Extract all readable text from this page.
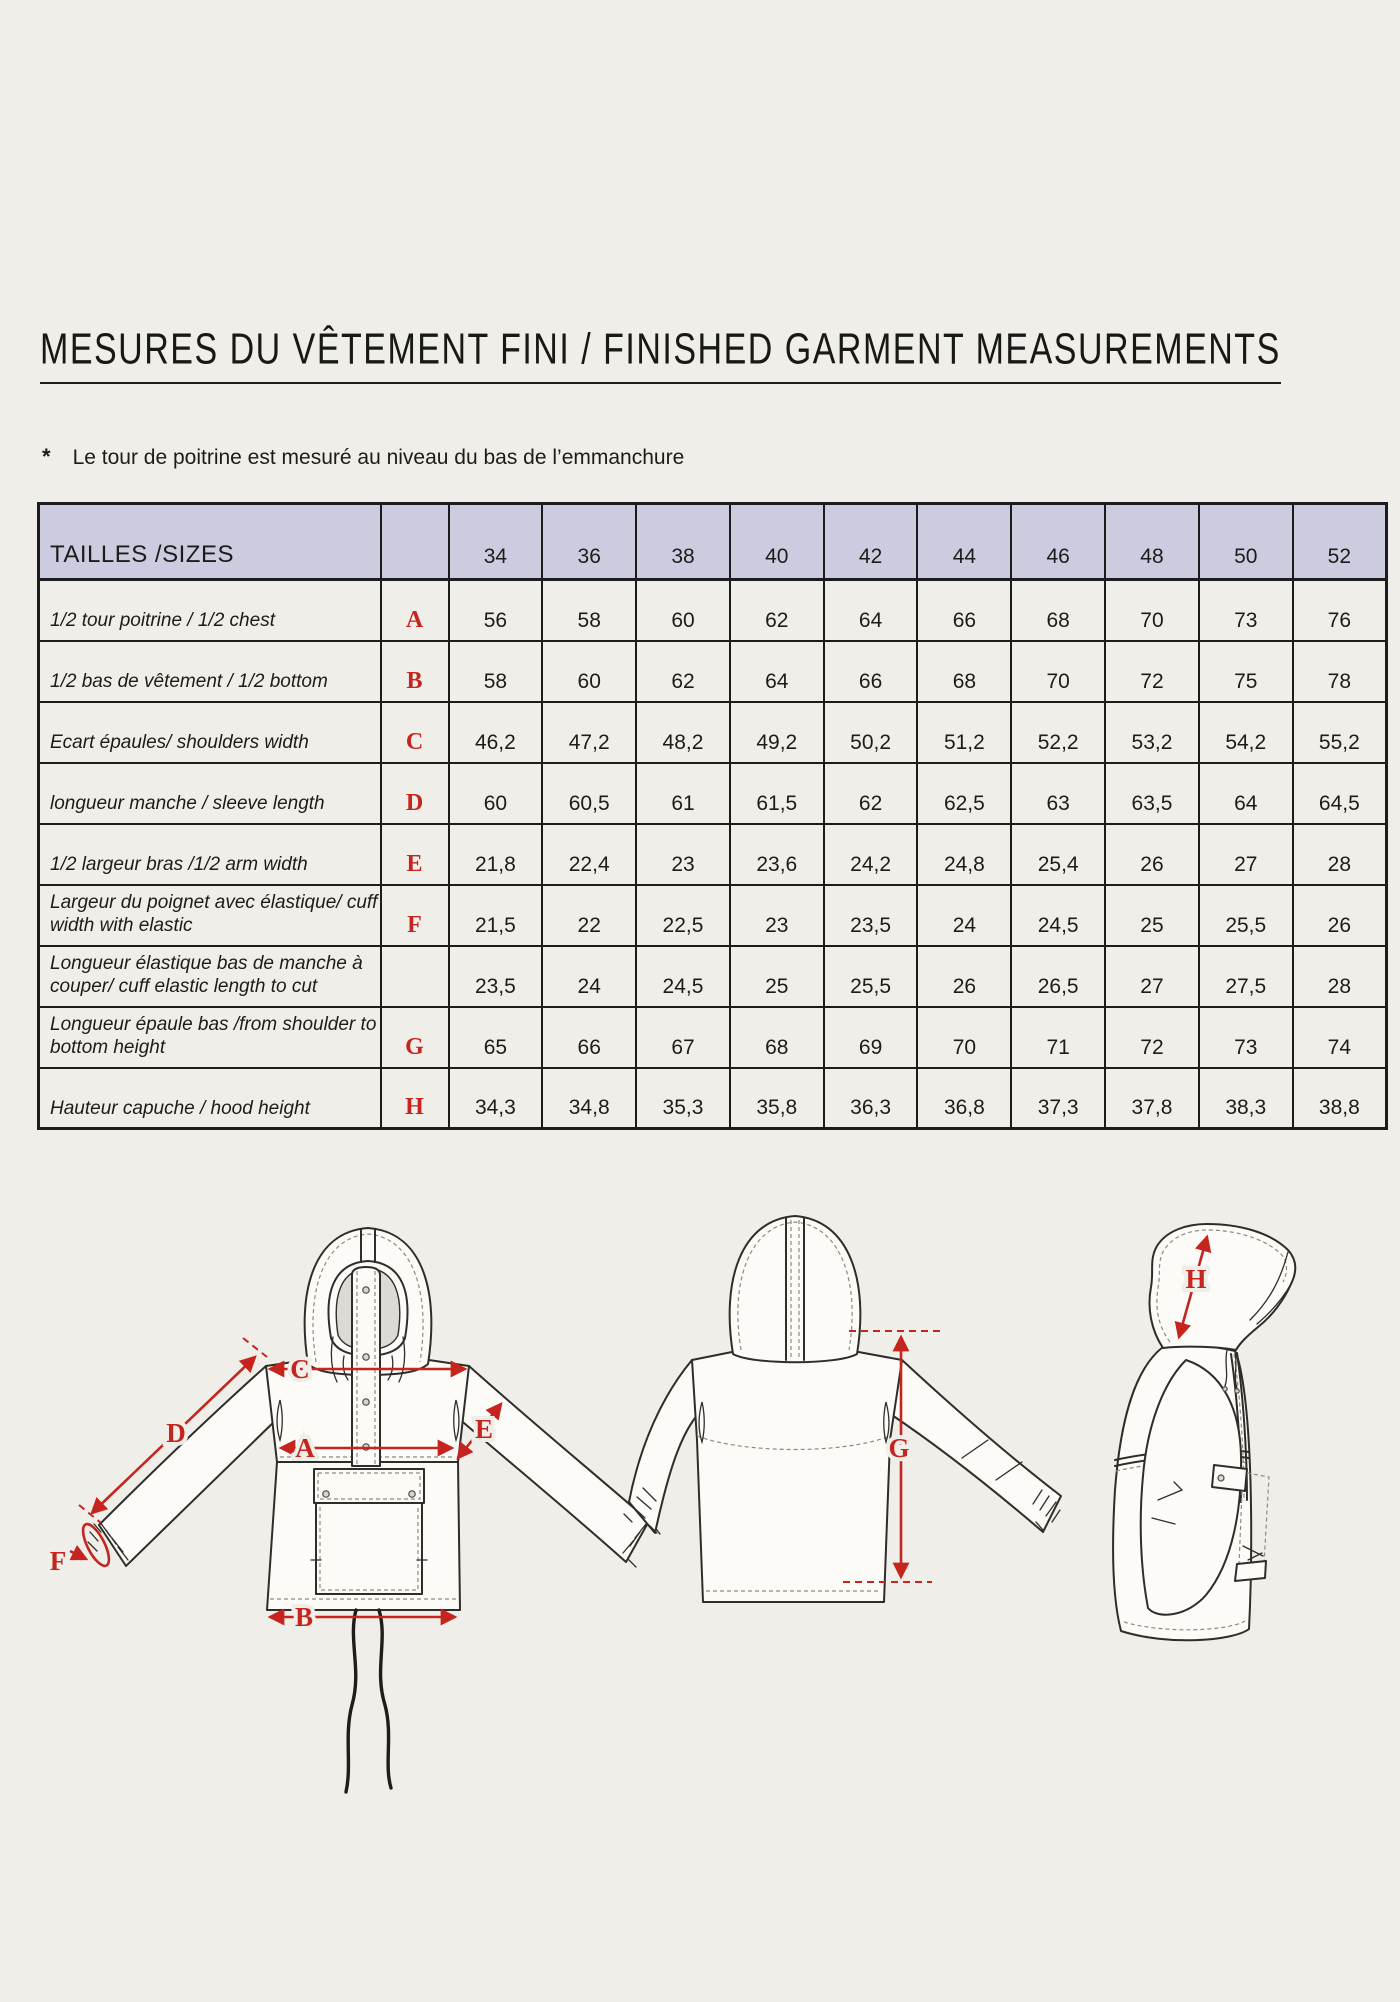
MESURES DU VÊTEMENT FINI / FINISHED GARMENT MEASUREMENTS
* Le tour de poitrine est mesuré au niveau du bas de l’emmanchure
TAILLES /SIZES		34	36	38	40	42	44	46	48	50	52
1/2 tour poitrine / 1/2 chest	A	56	58	60	62	64	66	68	70	73	76
1/2 bas de vêtement / 1/2 bottom	B	58	60	62	64	66	68	70	72	75	78
Ecart épaules/ shoulders width	C	46,2	47,2	48,2	49,2	50,2	51,2	52,2	53,2	54,2	55,2
longueur manche / sleeve length	D	60	60,5	61	61,5	62	62,5	63	63,5	64	64,5
1/2 largeur bras /1/2 arm width	E	21,8	22,4	23	23,6	24,2	24,8	25,4	26	27	28
Largeur du poignet avec élastique/ cuff width with elastic	F	21,5	22	22,5	23	23,5	24	24,5	25	25,5	26
Longueur élastique bas de manche à couper/ cuff elastic length to cut		23,5	24	24,5	25	25,5	26	26,5	27	27,5	28
Longueur épaule bas /from shoulder to bottom height	G	65	66	67	68	69	70	71	72	73	74
Hauteur capuche / hood height	H	34,3	34,8	35,3	35,8	36,3	36,8	37,3	37,8	38,3	38,8
C
A
B
D	E
F
G
H
